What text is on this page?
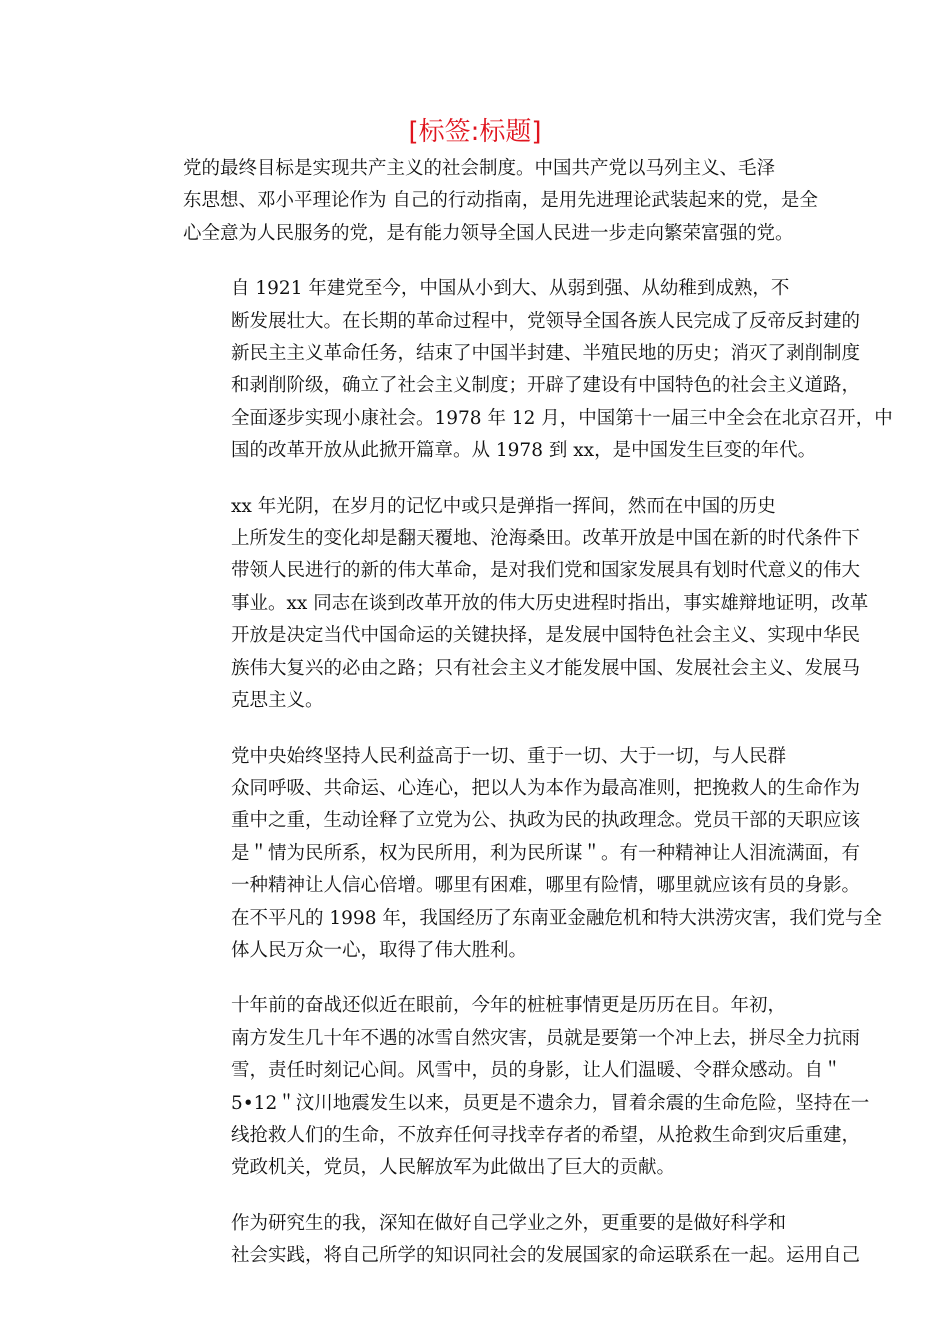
[标签:标题]

党的最终目标是实现共产主义的社会制度。中国共产党以马列主义、毛泽
东思想、邓小平理论作为 自己的行动指南，是用先进理论武装起来的党，是全
心全意为人民服务的党，是有能力领导全国人民进一步走向繁荣富强的党。

自 1921 年建党至今，中国从小到大、从弱到强、从幼稚到成熟，不
断发展壮大。在长期的革命过程中，党领导全国各族人民完成了反帝反封建的
新民主主义革命任务，结束了中国半封建、半殖民地的历史；消灭了剥削制度
和剥削阶级，确立了社会主义制度；开辟了建设有中国特色的社会主义道路，
全面逐步实现小康社会。1978 年 12 月，中国第十一届三中全会在北京召开，中
国的改革开放从此掀开篇章。从 1978 到 xx，是中国发生巨变的年代。

xx 年光阴，在岁月的记忆中或只是弹指一挥间，然而在中国的历史
上所发生的变化却是翻天覆地、沧海桑田。改革开放是中国在新的时代条件下
带领人民进行的新的伟大革命，是对我们党和国家发展具有划时代意义的伟大
事业。xx 同志在谈到改革开放的伟大历史进程时指出，事实雄辩地证明，改革
开放是决定当代中国命运的关键抉择，是发展中国特色社会主义、实现中华民
族伟大复兴的必由之路；只有社会主义才能发展中国、发展社会主义、发展马
克思主义。

党中央始终坚持人民利益高于一切、重于一切、大于一切，与人民群
众同呼吸、共命运、心连心，把以人为本作为最高准则，把挽救人的生命作为
重中之重，生动诠释了立党为公、执政为民的执政理念。党员干部的天职应该
是＂情为民所系，权为民所用，利为民所谋＂。有一种精神让人泪流满面，有
一种精神让人信心倍增。哪里有困难，哪里有险情，哪里就应该有员的身影。
在不平凡的 1998 年，我国经历了东南亚金融危机和特大洪涝灾害，我们党与全
体人民万众一心，取得了伟大胜利。

十年前的奋战还似近在眼前，今年的桩桩事情更是历历在目。年初，
南方发生几十年不遇的冰雪自然灾害，员就是要第一个冲上去，拼尽全力抗雨
雪，责任时刻记心间。风雪中，员的身影，让人们温暖、令群众感动。自＂
5•12＂汶川地震发生以来，员更是不遗余力，冒着余震的生命危险，坚持在一
线抢救人们的生命，不放弃任何寻找幸存者的希望，从抢救生命到灾后重建，
党政机关，党员，人民解放军为此做出了巨大的贡献。

作为研究生的我，深知在做好自己学业之外，更重要的是做好科学和
社会实践，将自己所学的知识同社会的发展国家的命运联系在一起。运用自己
